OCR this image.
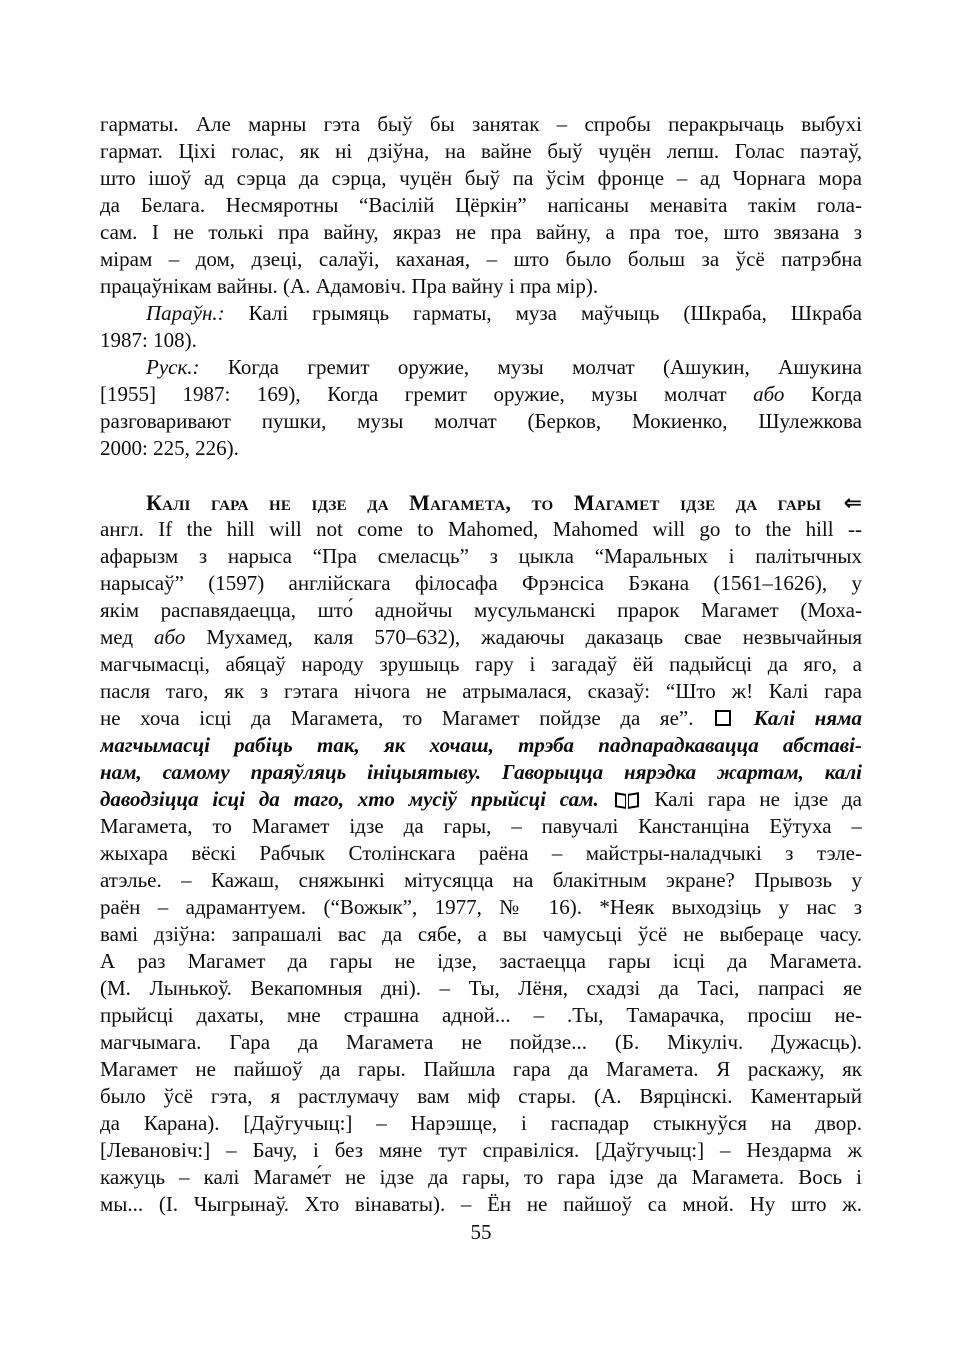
гарматы. Але марны гэта быў бы занятак – спробы перакрычаць выбухі
гармат. Ціхі голас, як ні дзіўна, на вайне быў чуцён лепш. Голас паэтаў,
што ішоў ад сэрца да сэрца, чуцён быў па ўсім фронце – ад Чорнага мора
да Белага. Несмяротны “Васілій Цёркін” напісаны менавіта такім гола-
сам. І не толькі пра вайну, якраз не пра вайну, а пра тое, што звязана з
мірам – дом, дзеці, салаўі, каханая, – што было больш за ўсё патрэбна
працаўнікам вайны. (А. Адамовіч. Пра вайну і пра мір).
Параўн.: Калі грымяць гарматы, муза маўчыць (Шкраба, Шкраба
1987: 108).
Руск.: Когда гремит оружие, музы молчат (Ашукин, Ашукина
[1955] 1987: 169), Когда гремит оружие, музы молчат або Когда
разговаривают пушки, музы молчат (Берков, Мокиенко, Шулежкова
2000: 225, 226).
Калі гара не ідзе да Магамета, то Магамет ідзе да гары ⇐
англ. If the hill will not come to Mahomed, Mahomed will go to the hill --
афарызм з нарыса “Пра смеласць” з цыкла “Маральных і палітычных
нарысаў” (1597) англійскага філосафа Фрэнсіса Бэкана (1561–1626), у
якім распавядаецца, што́ аднойчы мусульманскі прарок Магамет (Моха-
мед або Мухамед, каля 570–632), жадаючы даказаць свае незвычайныя
магчымасці, абяцаў народу зрушыць гару і загадаў ёй падыйсці да яго, а
пасля таго, як з гэтага нічога не атрымалася, сказаў: “Што ж! Калі гара
не хоча ісці да Магамета, то Магамет пойдзе да яе”.  Калі няма
магчымасці рабіць так, як хочаш, трэба падпарадкавацца абставі-
нам, самому праяўляць ініцыятыву. Гаворыцца нярэдка жартам, калі
даводзіцца ісці да таго, хто мусіў прыйсці сам.  Калі гара не ідзе да
Магамета, то Магамет ідзе да гары, – павучалі Канстанціна Еўтуха –
жыхара вёскі Рабчык Столінскага раёна – майстры-наладчыкі з тэле-
атэлье. – Кажаш, сняжынкі мітусяцца на блакітным экране? Прывозь у
раён – адрамантуем. (“Вожык”, 1977, № 16). *Неяк выходзіць у нас з
вамі дзіўна: запрашалі вас да сябе, а вы чамусьці ўсё не выбераце часу.
А раз Магамет да гары не ідзе, застаецца гары ісці да Магамета.
(М. Лынькоў. Векапомныя дні). – Ты, Лёня, схадзі да Тасі, папрасі яе
прыйсці дахаты, мне страшна адной... – .Ты, Тамарачка, просіш не-
магчымага. Гара да Магамета не пойдзе... (Б. Мікуліч. Дужасць).
Магамет не пайшоў да гары. Пайшла гара да Магамета. Я раскажу, як
было ўсё гэта, я растлумачу вам міф стары. (А. Вярцінскі. Каментарый
да Карана). [Даўгучыц:] – Нарэшце, і гаспадар стыкнуўся на двор.
[Левановіч:] – Бачу, і без мяне тут справіліся. [Даўгучыц:] – Нездарма ж
кажуць – калі Магаме́т не ідзе да гары, то гара ідзе да Магамета. Вось і
мы... (І. Чыгрынаў. Хто вінаваты). – Ён не пайшоў са мной. Ну што ж.
55
